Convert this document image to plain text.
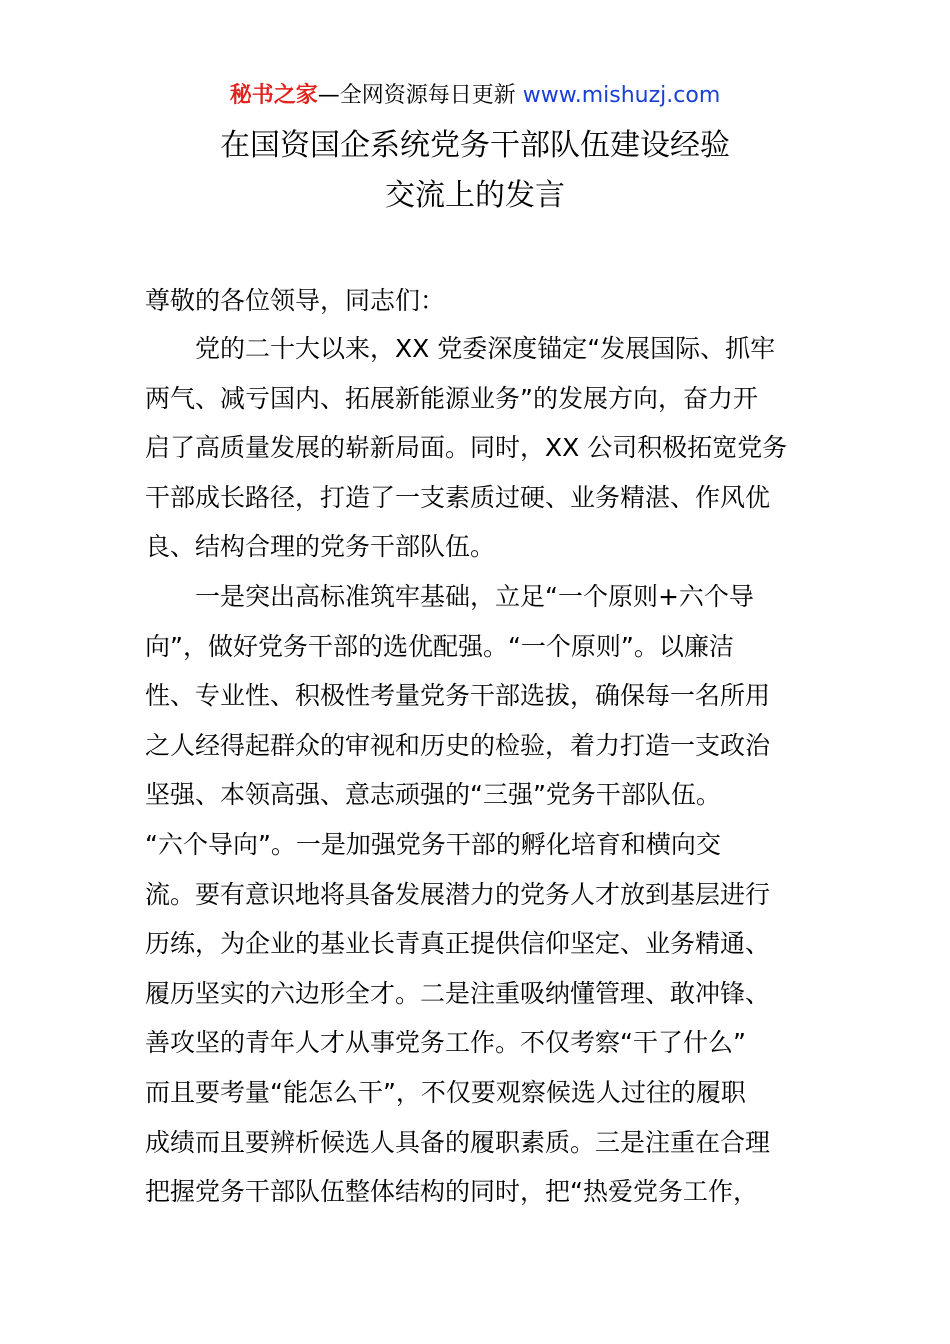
秘书之家—全网资源每日更新 www.mishuzj.com
在国资国企系统党务干部队伍建设经验
交流上的发言
尊敬的各位领导，同志们：
　　党的二十大以来，XX 党委深度锚定“发展国际、抓牢
两气、减亏国内、拓展新能源业务”的发展方向，奋力开
启了高质量发展的崭新局面。同时，XX 公司积极拓宽党务
干部成长路径，打造了一支素质过硬、业务精湛、作风优
良、结构合理的党务干部队伍。
　　一是突出高标准筑牢基础，立足“一个原则+六个导
向”，做好党务干部的选优配强。“一个原则”。以廉洁
性、专业性、积极性考量党务干部选拔，确保每一名所用
之人经得起群众的审视和历史的检验，着力打造一支政治
坚强、本领高强、意志顽强的“三强”党务干部队伍。
“六个导向”。一是加强党务干部的孵化培育和横向交
流。要有意识地将具备发展潜力的党务人才放到基层进行
历练，为企业的基业长青真正提供信仰坚定、业务精通、
履历坚实的六边形全才。二是注重吸纳懂管理、敢冲锋、
善攻坚的青年人才从事党务工作。不仅考察“干了什么”
而且要考量“能怎么干”，不仅要观察候选人过往的履职
成绩而且要辨析候选人具备的履职素质。三是注重在合理
把握党务干部队伍整体结构的同时，把“热爱党务工作，
